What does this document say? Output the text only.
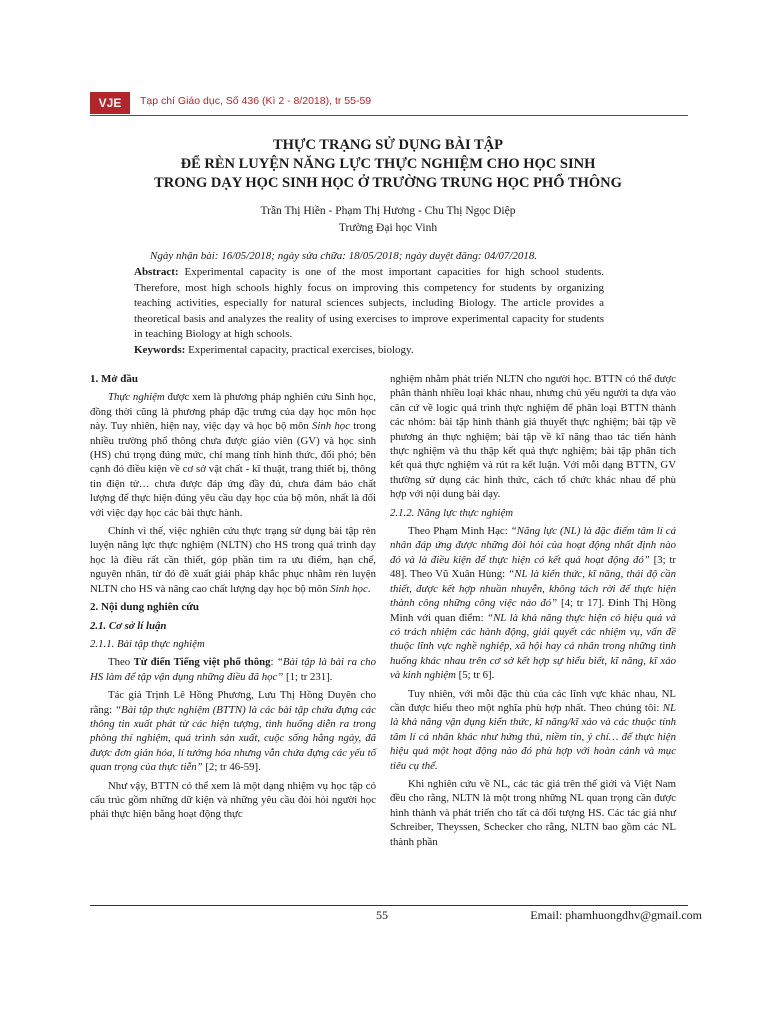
VJE	Tạp chí Giáo dục, Số 436 (Kì 2 - 8/2018), tr 55-59
THỰC TRẠNG SỬ DỤNG BÀI TẬP
ĐỂ RÈN LUYỆN NĂNG LỰC THỰC NGHIỆM CHO HỌC SINH
TRONG DẠY HỌC SINH HỌC Ở TRƯỜNG TRUNG HỌC PHỔ THÔNG
Trần Thị Hiền - Phạm Thị Hương - Chu Thị Ngọc Diệp
Trường Đại học Vinh
Ngày nhận bài: 16/05/2018; ngày sửa chữa: 18/05/2018; ngày duyệt đăng: 04/07/2018.
Abstract: Experimental capacity is one of the most important capacities for high school students. Therefore, most high schools highly focus on improving this competency for students by organizing teaching activities, especially for natural sciences subjects, including Biology. The article provides a theoretical basis and analyzes the reality of using exercises to improve experimental capacity for students in teaching Biology at high schools.
Keywords: Experimental capacity, practical exercises, biology.

1. Mở đầu

Thực nghiệm được xem là phương pháp nghiên cứu Sinh học, đồng thời cũng là phương pháp đặc trưng của dạy học môn học này. Tuy nhiên, hiện nay, việc dạy và học bộ môn Sinh học trong nhiều trường phổ thông chưa được giáo viên (GV) và học sinh (HS) chú trọng đúng mức, chỉ mang tính hình thức, đối phó; bên cạnh đó điều kiện về cơ sở vật chất - kĩ thuật, trang thiết bị, thông tin điện tử… chưa được đáp ứng đầy đủ, chưa đảm bảo chất lượng để thực hiện đúng yêu cầu dạy học của bộ môn, nhất là đối với việc dạy học các bài thực hành.

Chính vì thế, việc nghiên cứu thực trạng sử dụng bài tập rèn luyện năng lực thực nghiệm (NLTN) cho HS trong quá trình dạy học là điều rất cần thiết, góp phần tìm ra ưu điểm, hạn chế, nguyên nhân, từ đó đề xuất giải pháp khắc phục nhằm rèn luyện NLTN cho HS và nâng cao chất lượng dạy học bộ môn Sinh học.

2. Nội dung nghiên cứu

2.1. Cơ sở lí luận

2.1.1. Bài tập thực nghiệm

Theo Từ điển Tiếng việt phổ thông: “Bài tập là bài ra cho HS làm để tập vận dụng những điều đã học” [1; tr 231].

Tác giả Trịnh Lê Hồng Phương, Lưu Thị Hồng Duyên cho rằng: “Bài tập thực nghiệm (BTTN) là các bài tập chứa đựng các thông tin xuất phát từ các hiện tượng, tình huống diễn ra trong phòng thí nghiệm, quá trình sản xuất, cuộc sống hằng ngày, đã được đơn giản hóa, lí tưởng hóa nhưng vẫn chứa đựng các yếu tố quan trọng của thực tiễn” [2; tr 46-59].

Như vậy, BTTN có thể xem là một dạng nhiệm vụ học tập có cấu trúc gồm những dữ kiện và những yêu cầu đòi hỏi người học phải thực hiện bằng hoạt động thực

nghiệm nhằm phát triển NLTN cho người học. BTTN có thể được phân thành nhiều loại khác nhau, nhưng chủ yếu người ta dựa vào căn cứ về logic quá trình thực nghiệm để phân loại BTTN thành các nhóm: bài tập hình thành giả thuyết thực nghiệm; bài tập về phương án thực nghiệm; bài tập về kĩ năng thao tác tiến hành thực nghiệm và thu thập kết quả thực nghiệm; bài tập phân tích kết quả thực nghiệm và rút ra kết luận. Với mỗi dạng BTTN, GV thường sử dụng các hình thức, cách tổ chức khác nhau để phù hợp với nội dung bài dạy.

2.1.2. Năng lực thực nghiệm

Theo Phạm Minh Hạc: “Năng lực (NL) là đặc điểm tâm lí cá nhân đáp ứng được những đòi hỏi của hoạt động nhất định nào đó và là điều kiện để thực hiện có kết quả hoạt động đó” [3; tr 48]. Theo Vũ Xuân Hùng: “NL là kiến thức, kĩ năng, thái độ cần thiết, được kết hợp nhuần nhuyễn, không tách rời để thực hiện thành công những công việc nào đó” [4; tr 17]. Đinh Thị Hồng Minh với quan điểm: “NL là khả năng thực hiện có hiệu quả và có trách nhiệm các hành động, giải quyết các nhiệm vụ, vấn đề thuộc lĩnh vực nghề nghiệp, xã hội hay cá nhân trong những tình huống khác nhau trên cơ sở kết hợp sự hiểu biết, kĩ năng, kĩ xảo và kinh nghiệm [5; tr 6].

Tuy nhiên, với mỗi đặc thù của các lĩnh vực khác nhau, NL cần được hiểu theo một nghĩa phù hợp nhất. Theo chúng tôi: NL là khả năng vận dụng kiến thức, kĩ năng/kĩ xảo và các thuộc tính tâm lí cá nhân khác như hứng thú, niềm tin, ý chí… để thực hiện hiệu quả một hoạt động nào đó phù hợp với hoàn cảnh và mục tiêu cụ thể.

Khi nghiên cứu về NL, các tác giả trên thế giới và Việt Nam đều cho rằng, NLTN là một trong những NL quan trọng cần được hình thành và phát triển cho tất cả đối tượng HS. Các tác giả như Schreiber, Theyssen, Schecker cho rằng, NLTN bao gồm các NL thành phần

55	Email: phamhuongdhv@gmail.com
